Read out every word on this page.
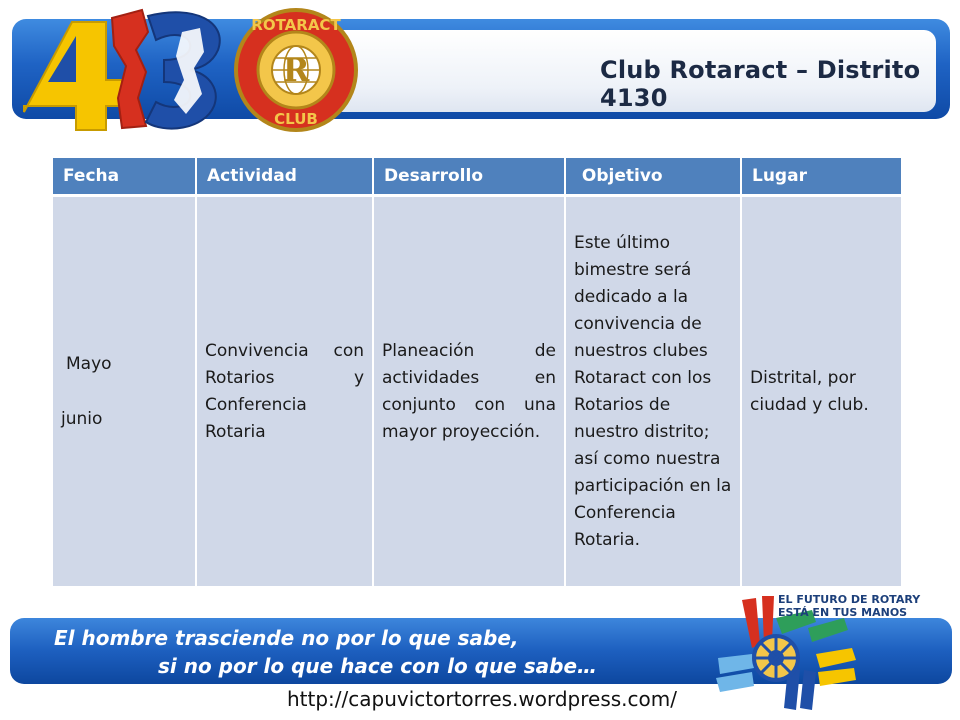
Club Rotaract – Distrito 4130
R
ROTARACT
CLUB
Fecha	Actividad	Desarrollo	Objetivo	Lugar

Mayo
junio	Convivencia con Rotarios y Conferencia Rotaria	Planeación de actividades en conjunto con una mayor proyección.	Este último bimestre será dedicado a la convivencia de nuestros clubes Rotaract con los Rotarios de nuestro distrito; así como nuestra participación en la Conferencia Rotaria.	Distrital, por ciudad y club.
El hombre trasciende no por lo que sabe,
si no por lo que hace con lo que sabe…
EL FUTURO DE ROTARY
ESTÁ EN TUS MANOS
http://capuvictortorres.wordpress.com/
